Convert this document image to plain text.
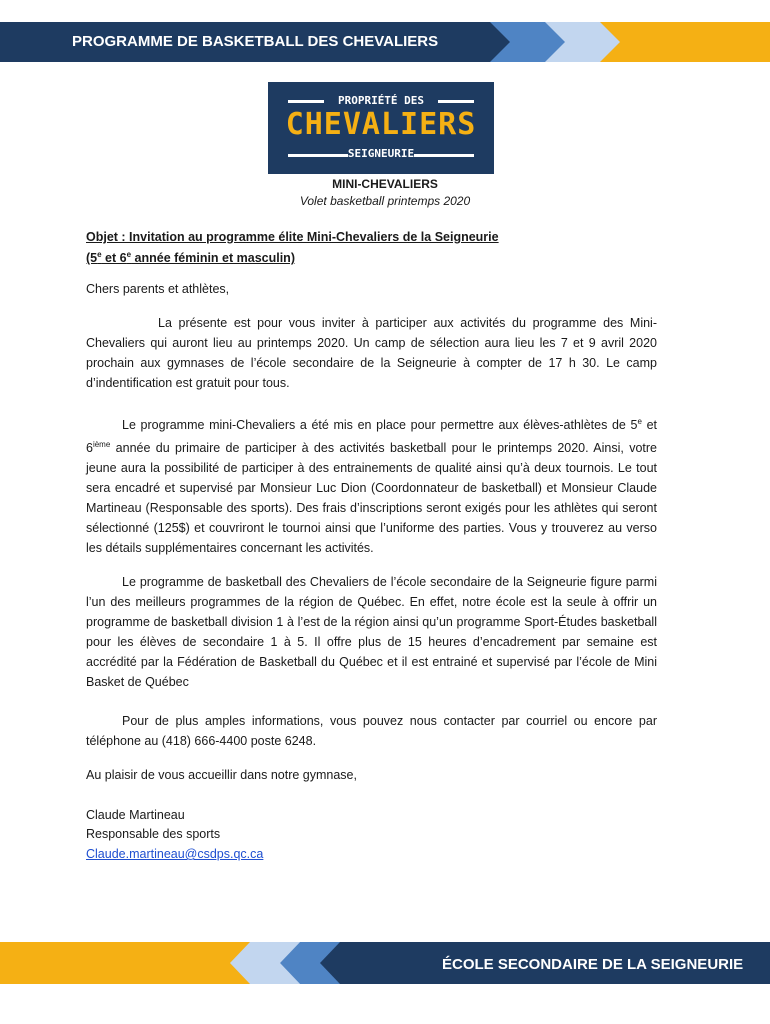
PROGRAMME DE BASKETBALL DES CHEVALIERS
PROPRIÉTÉ DES
CHEVALIERS
SEIGNEURIE
MINI-CHEVALIERS
Volet basketball printemps 2020
Objet : Invitation au programme élite Mini-Chevaliers de la Seigneurie
(5e et 6e année féminin et masculin)
Chers parents et athlètes,

La présente est pour vous inviter à participer aux activités du programme des Mini-Chevaliers qui auront lieu au printemps 2020. Un camp de sélection aura lieu les 7 et 9 avril 2020 prochain aux gymnases de l’école secondaire de la Seigneurie à compter de 17 h 30. Le camp d’indentification est gratuit pour tous.

Le programme mini-Chevaliers a été mis en place pour permettre aux élèves-athlètes de 5e et 6ième année du primaire de participer à des activités basketball pour le printemps 2020. Ainsi, votre jeune aura la possibilité de participer à des entrainements de qualité ainsi qu’à deux tournois. Le tout sera encadré et supervisé par Monsieur Luc Dion (Coordonnateur de basketball) et Monsieur Claude Martineau (Responsable des sports). Des frais d’inscriptions seront exigés pour les athlètes qui seront sélectionné (125$) et couvriront le tournoi ainsi que l’uniforme des parties. Vous y trouverez au verso les détails supplémentaires concernant les activités.

Le programme de basketball des Chevaliers de l’école secondaire de la Seigneurie figure parmi l’un des meilleurs programmes de la région de Québec. En effet, notre école est la seule à offrir un programme de basketball division 1 à l’est de la région ainsi qu’un programme Sport-Études basketball pour les élèves de secondaire 1 à 5. Il offre plus de 15 heures d’encadrement par semaine est accrédité par la Fédération de Basketball du Québec et il est entrainé et supervisé par l’école de Mini Basket de Québec

Pour de plus amples informations, vous pouvez nous contacter par courriel ou encore par téléphone au (418) 666-4400 poste 6248.

Au plaisir de vous accueillir dans notre gymnase,
Claude Martineau
Responsable des sports
Claude.martineau@csdps.qc.ca
ÉCOLE SECONDAIRE DE LA SEIGNEURIE
